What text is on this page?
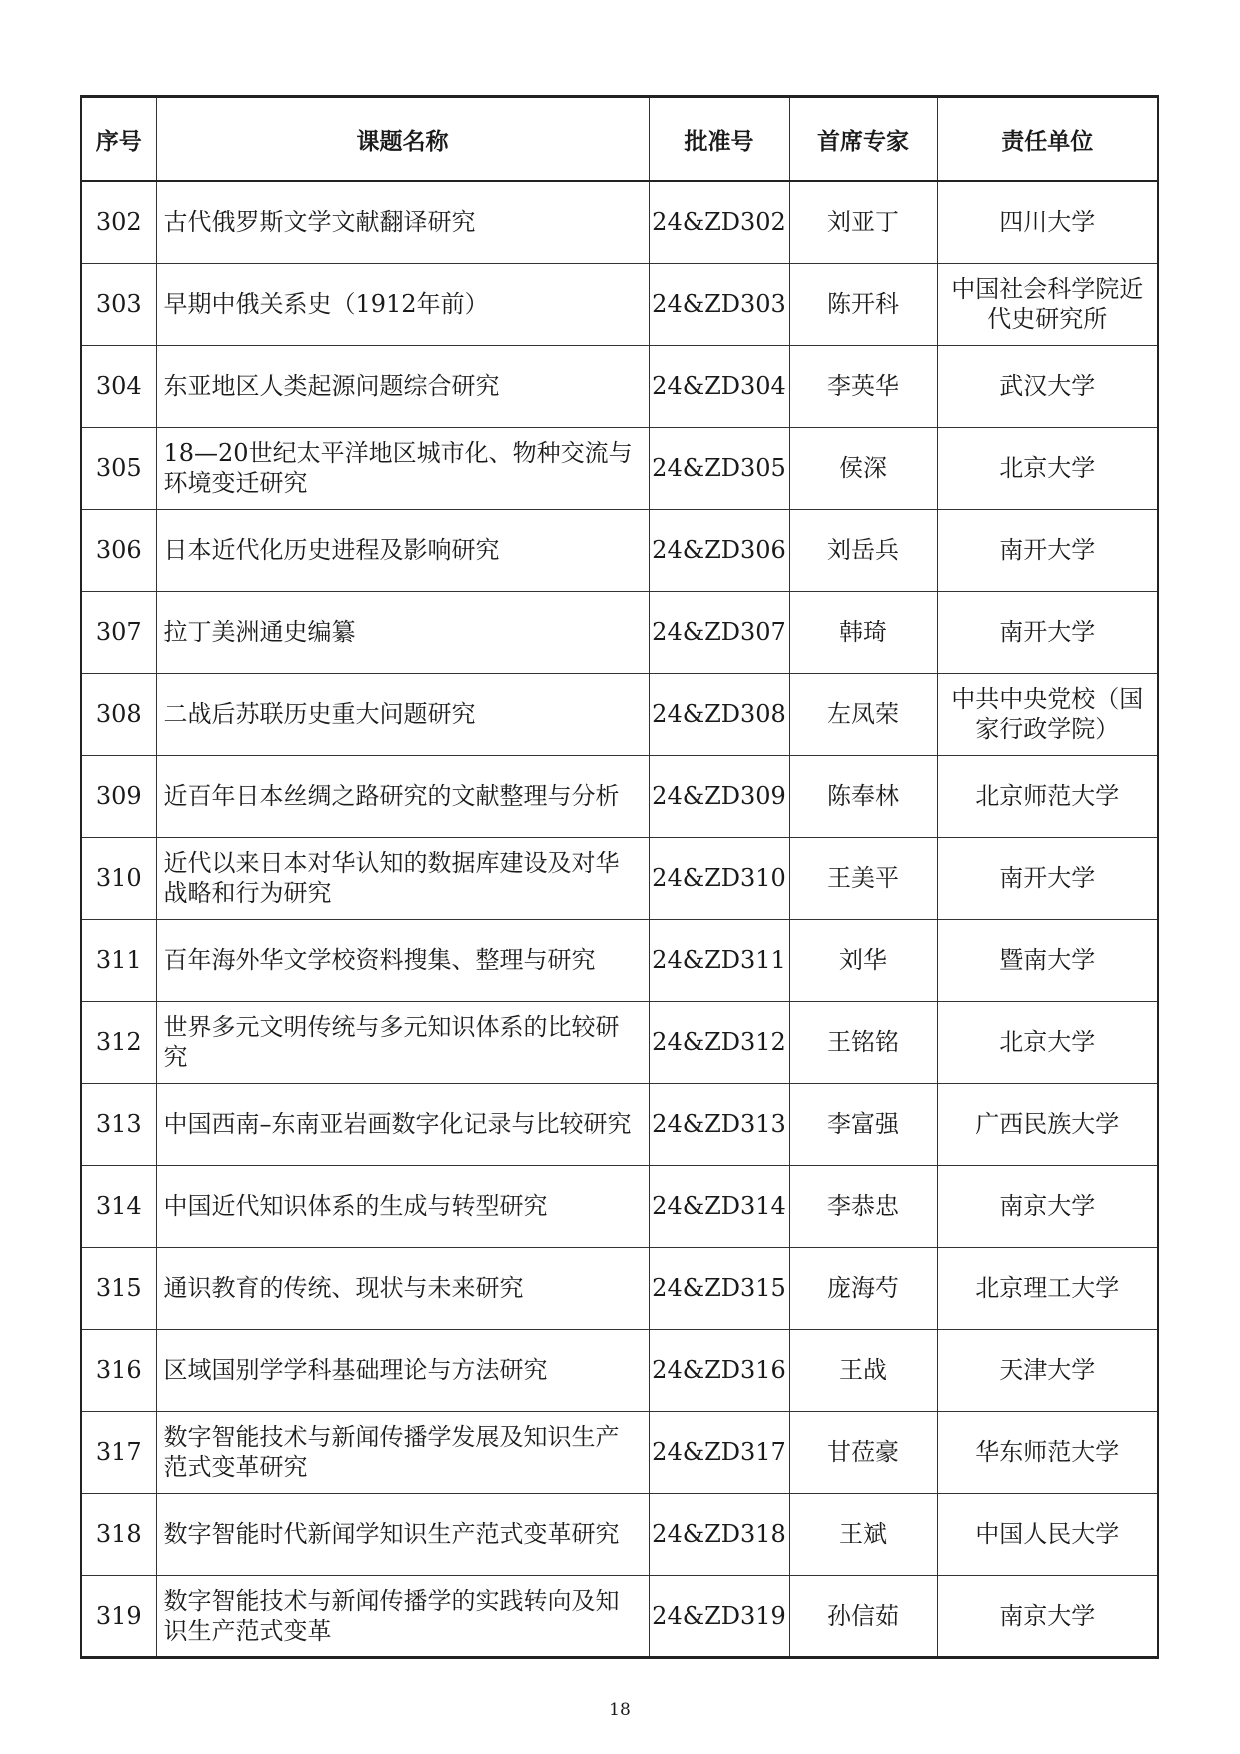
序号	课题名称	批准号	首席专家	责任单位
302	古代俄罗斯文学文献翻译研究	24&ZD302	刘亚丁	四川大学
303	早期中俄关系史（1912年前）	24&ZD303	陈开科	中国社会科学院近代史研究所
304	东亚地区人类起源问题综合研究	24&ZD304	李英华	武汉大学
305	18—20世纪太平洋地区城市化、物种交流与环境变迁研究	24&ZD305	侯深	北京大学
306	日本近代化历史进程及影响研究	24&ZD306	刘岳兵	南开大学
307	拉丁美洲通史编纂	24&ZD307	韩琦	南开大学
308	二战后苏联历史重大问题研究	24&ZD308	左凤荣	中共中央党校（国家行政学院）
309	近百年日本丝绸之路研究的文献整理与分析	24&ZD309	陈奉林	北京师范大学
310	近代以来日本对华认知的数据库建设及对华战略和行为研究	24&ZD310	王美平	南开大学
311	百年海外华文学校资料搜集、整理与研究	24&ZD311	刘华	暨南大学
312	世界多元文明传统与多元知识体系的比较研究	24&ZD312	王铭铭	北京大学
313	中国西南–东南亚岩画数字化记录与比较研究	24&ZD313	李富强	广西民族大学
314	中国近代知识体系的生成与转型研究	24&ZD314	李恭忠	南京大学
315	通识教育的传统、现状与未来研究	24&ZD315	庞海芍	北京理工大学
316	区域国别学学科基础理论与方法研究	24&ZD316	王战	天津大学
317	数字智能技术与新闻传播学发展及知识生产范式变革研究	24&ZD317	甘莅豪	华东师范大学
318	数字智能时代新闻学知识生产范式变革研究	24&ZD318	王斌	中国人民大学
319	数字智能技术与新闻传播学的实践转向及知识生产范式变革	24&ZD319	孙信茹	南京大学
18
